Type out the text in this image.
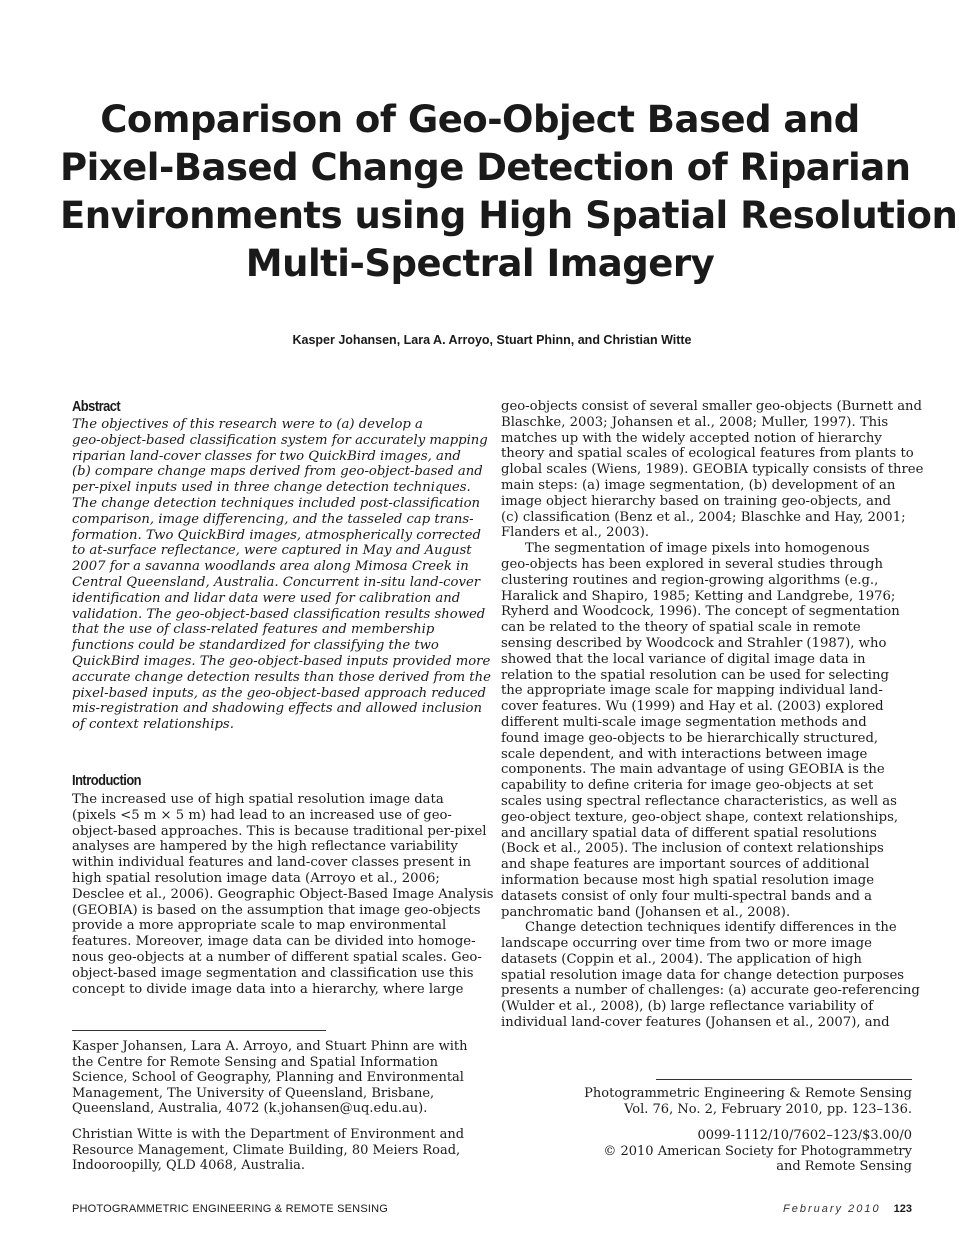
Comparison of Geo-Object Based and
Pixel-Based Change Detection of Riparian
Environments using High Spatial Resolution
Multi-Spectral Imagery
Kasper Johansen, Lara A. Arroyo, Stuart Phinn, and Christian Witte
Abstract
The objectives of this research were to (a) develop a
geo-object-based classification system for accurately mapping
riparian land-cover classes for two QuickBird images, and
(b) compare change maps derived from geo-object-based and
per-pixel inputs used in three change detection techniques.
The change detection techniques included post-classification
comparison, image differencing, and the tasseled cap trans-
formation. Two QuickBird images, atmospherically corrected
to at-surface reflectance, were captured in May and August
2007 for a savanna woodlands area along Mimosa Creek in
Central Queensland, Australia. Concurrent in-situ land-cover
identification and lidar data were used for calibration and
validation. The geo-object-based classification results showed
that the use of class-related features and membership
functions could be standardized for classifying the two
QuickBird images. The geo-object-based inputs provided more
accurate change detection results than those derived from the
pixel-based inputs, as the geo-object-based approach reduced
mis-registration and shadowing effects and allowed inclusion
of context relationships.
Introduction
The increased use of high spatial resolution image data
(pixels <5 m × 5 m) had lead to an increased use of geo-
object-based approaches. This is because traditional per-pixel
analyses are hampered by the high reflectance variability
within individual features and land-cover classes present in
high spatial resolution image data (Arroyo et al., 2006;
Desclee et al., 2006). Geographic Object-Based Image Analysis
(GEOBIA) is based on the assumption that image geo-objects
provide a more appropriate scale to map environmental
features. Moreover, image data can be divided into homoge-
nous geo-objects at a number of different spatial scales. Geo-
object-based image segmentation and classification use this
concept to divide image data into a hierarchy, where large
geo-objects consist of several smaller geo-objects (Burnett and
Blaschke, 2003; Johansen et al., 2008; Muller, 1997). This
matches up with the widely accepted notion of hierarchy
theory and spatial scales of ecological features from plants to
global scales (Wiens, 1989). GEOBIA typically consists of three
main steps: (a) image segmentation, (b) development of an
image object hierarchy based on training geo-objects, and
(c) classification (Benz et al., 2004; Blaschke and Hay, 2001;
Flanders et al., 2003).
The segmentation of image pixels into homogenous
geo-objects has been explored in several studies through
clustering routines and region-growing algorithms (e.g.,
Haralick and Shapiro, 1985; Ketting and Landgrebe, 1976;
Ryherd and Woodcock, 1996). The concept of segmentation
can be related to the theory of spatial scale in remote
sensing described by Woodcock and Strahler (1987), who
showed that the local variance of digital image data in
relation to the spatial resolution can be used for selecting
the appropriate image scale for mapping individual land-
cover features. Wu (1999) and Hay et al. (2003) explored
different multi-scale image segmentation methods and
found image geo-objects to be hierarchically structured,
scale dependent, and with interactions between image
components. The main advantage of using GEOBIA is the
capability to define criteria for image geo-objects at set
scales using spectral reflectance characteristics, as well as
geo-object texture, geo-object shape, context relationships,
and ancillary spatial data of different spatial resolutions
(Bock et al., 2005). The inclusion of context relationships
and shape features are important sources of additional
information because most high spatial resolution image
datasets consist of only four multi-spectral bands and a
panchromatic band (Johansen et al., 2008).
Change detection techniques identify differences in the
landscape occurring over time from two or more image
datasets (Coppin et al., 2004). The application of high
spatial resolution image data for change detection purposes
presents a number of challenges: (a) accurate geo-referencing
(Wulder et al., 2008), (b) large reflectance variability of
individual land-cover features (Johansen et al., 2007), and
Kasper Johansen, Lara A. Arroyo, and Stuart Phinn are with
the Centre for Remote Sensing and Spatial Information
Science, School of Geography, Planning and Environmental
Management, The University of Queensland, Brisbane,
Queensland, Australia, 4072 (k.johansen@uq.edu.au).
Christian Witte is with the Department of Environment and
Resource Management, Climate Building, 80 Meiers Road,
Indooroopilly, QLD 4068, Australia.
Photogrammetric Engineering & Remote Sensing
Vol. 76, No. 2, February 2010, pp. 123–136.
0099-1112/10/7602–123/$3.00/0
© 2010 American Society for Photogrammetry
and Remote Sensing
PHOTOGRAMMETRIC ENGINEERING & REMOTE SENSING	February 2010 123
